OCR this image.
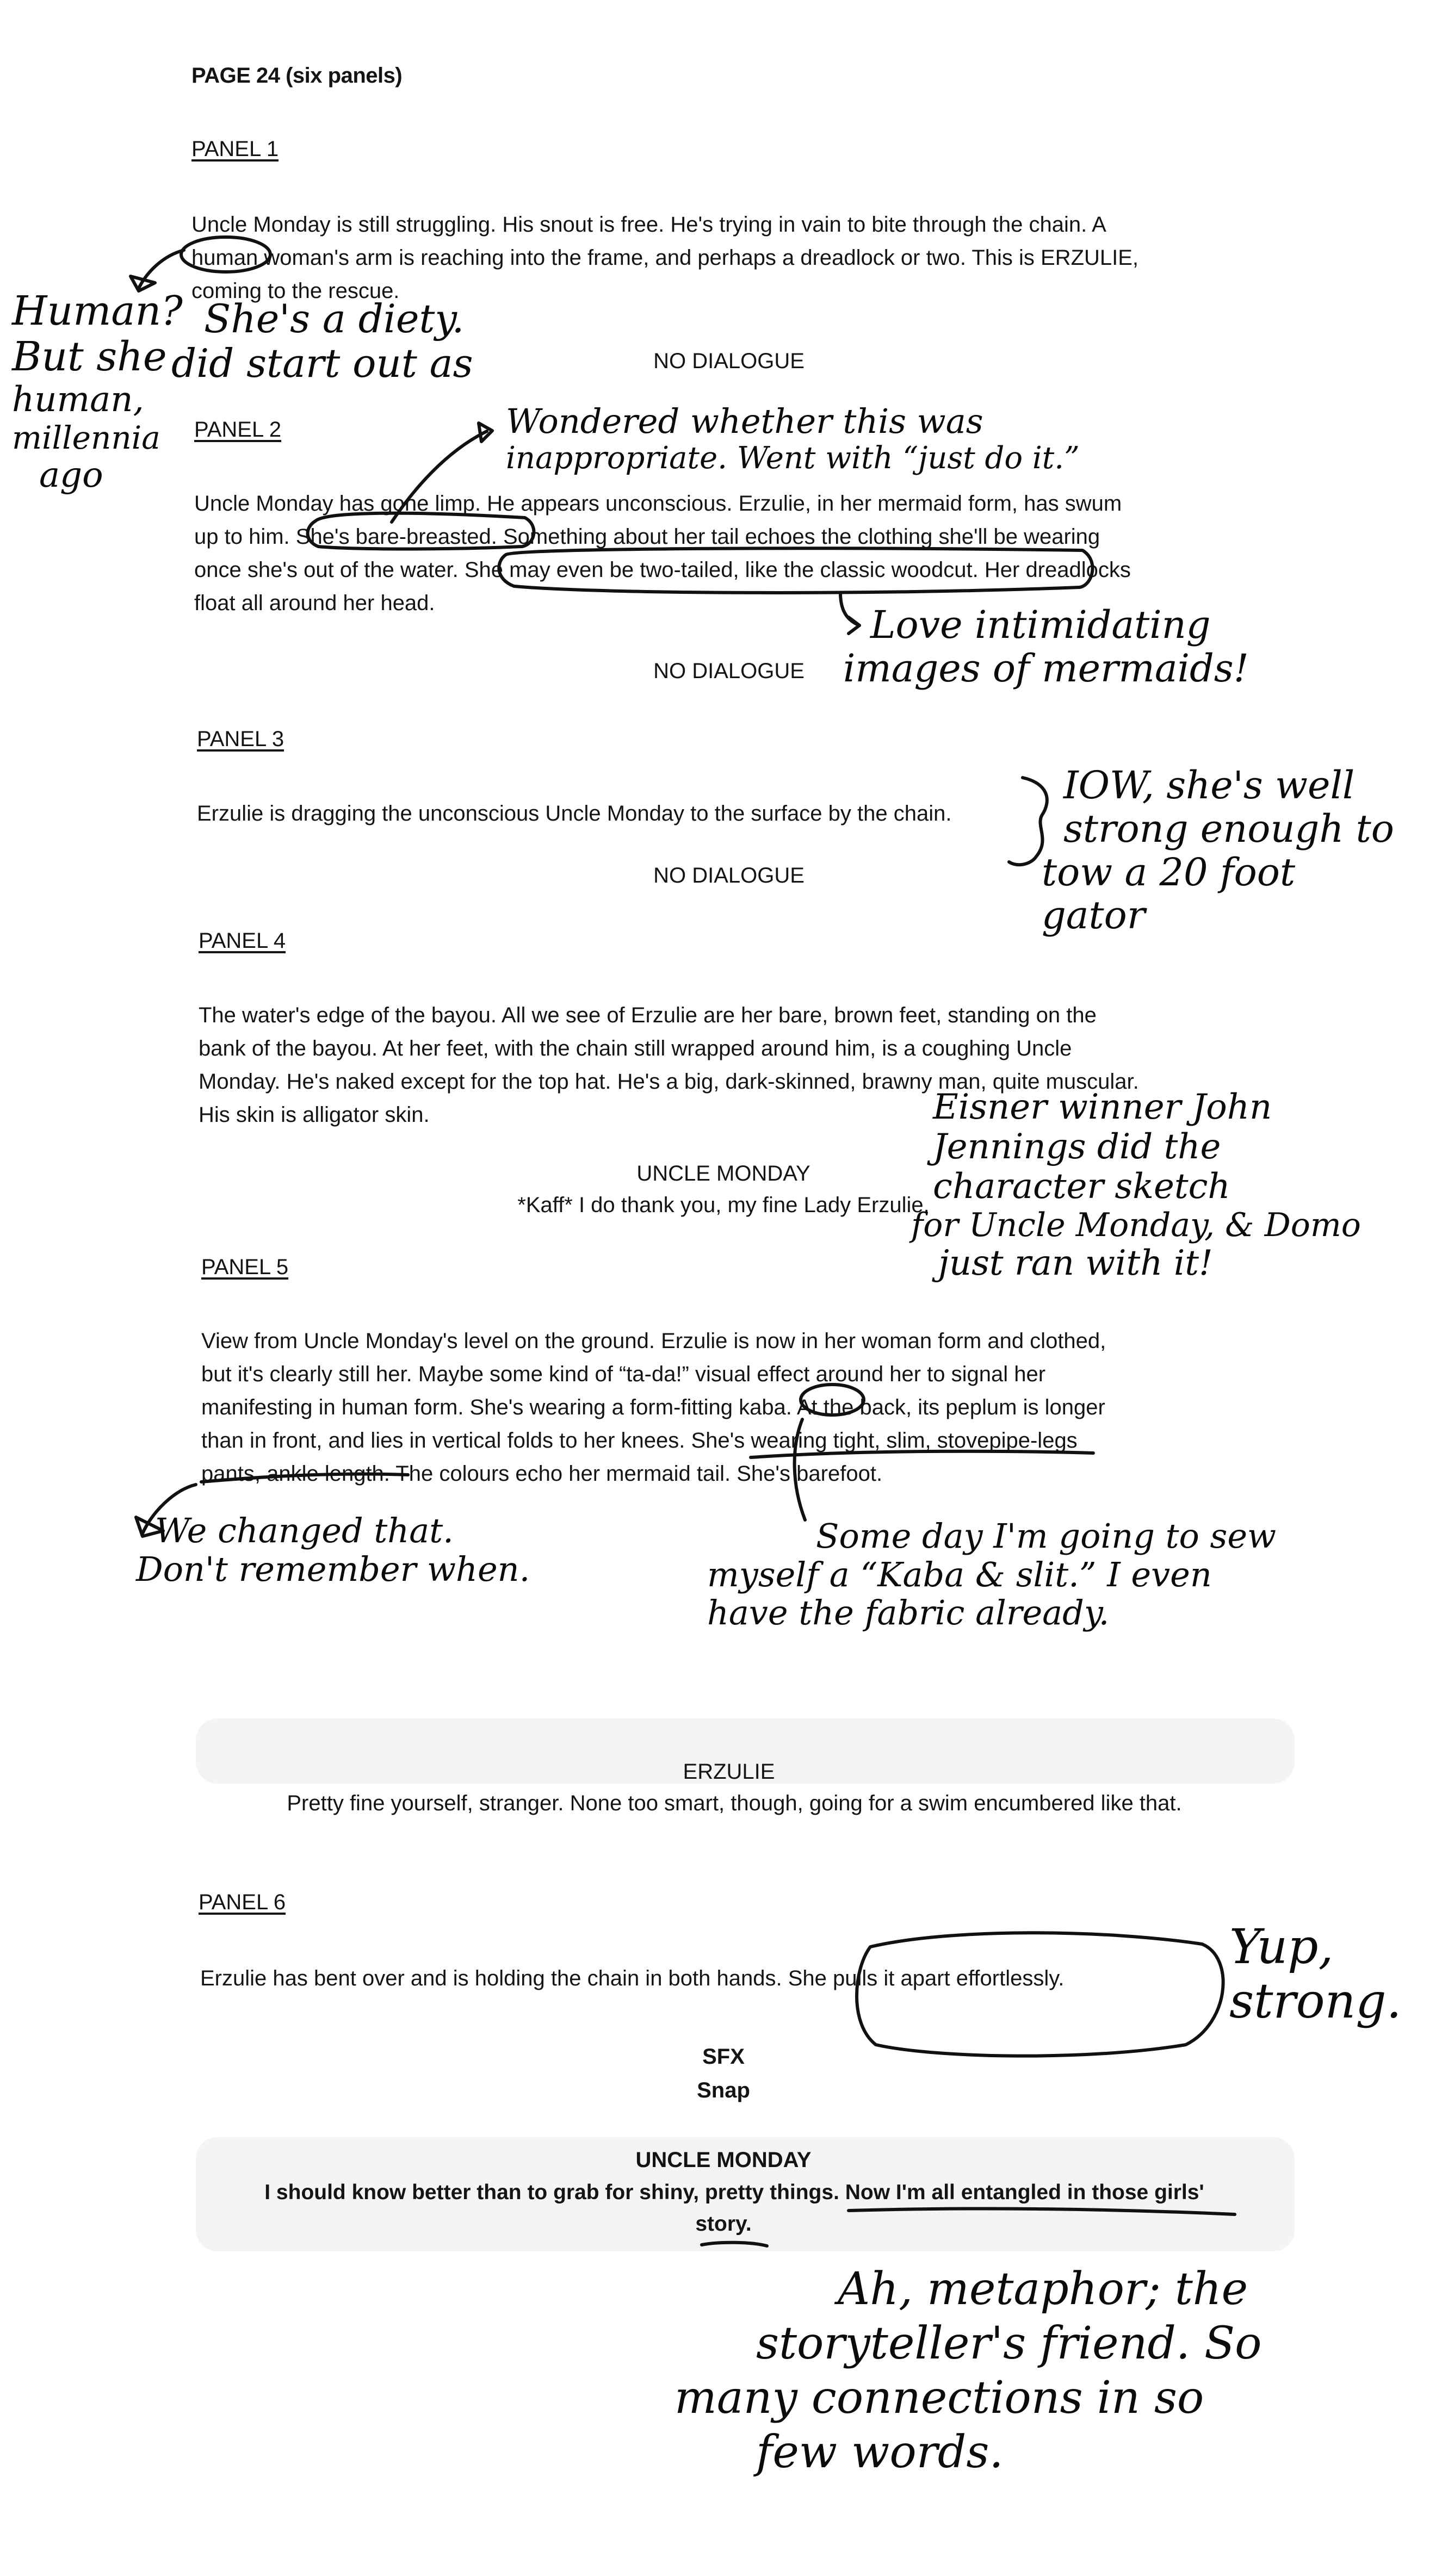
PAGE 24 (six panels)
PANEL 1
Uncle Monday is still struggling. His snout is free. He's trying in vain to bite through the chain. A
human woman's arm is reaching into the frame, and perhaps a dreadlock or two. This is ERZULIE,
coming to the rescue.
NO DIALOGUE
PANEL 2
Uncle Monday has gone limp. He appears unconscious. Erzulie, in her mermaid form, has swum
up to him. She's bare-breasted. Something about her tail echoes the clothing she'll be wearing
once she's out of the water. She may even be two-tailed, like the classic woodcut. Her dreadlocks
float all around her head.
NO DIALOGUE
PANEL 3
Erzulie is dragging the unconscious Uncle Monday to the surface by the chain.
NO DIALOGUE
PANEL 4
The water's edge of the bayou. All we see of Erzulie are her bare, brown feet, standing on the
bank of the bayou. At her feet, with the chain still wrapped around him, is a coughing Uncle
Monday. He's naked except for the top hat. He's a big, dark-skinned, brawny man, quite muscular.
His skin is alligator skin.
UNCLE MONDAY
*Kaff* I do thank you, my fine Lady Erzulie.
PANEL 5
View from Uncle Monday's level on the ground. Erzulie is now in her woman form and clothed,
but it's clearly still her. Maybe some kind of “ta-da!” visual effect around her to signal her
manifesting in human form. She's wearing a form-fitting kaba. At the back, its peplum is longer
than in front, and lies in vertical folds to her knees. She's wearing tight, slim, stovepipe-legs
pants, ankle length. The colours echo her mermaid tail. She's barefoot.
ERZULIE
Pretty fine yourself, stranger. None too smart, though, going for a swim encumbered like that.
PANEL 6
Erzulie has bent over and is holding the chain in both hands. She pulls it apart effortlessly.
SFX
Snap
UNCLE MONDAY
I should know better than to grab for shiny, pretty things. Now I'm all entangled in those girls'
story.
Human?
But she
human,
millennia
ago
She's a diety.
did start out as
Wondered whether this was
inappropriate. Went with “just do it.”
Love intimidating
images of mermaids!
IOW, she's well
strong enough to
tow a 20 foot
gator
Eisner winner John
Jennings did the
character sketch
for Uncle Monday, & Domo
just ran with it!
We changed that.
Don't remember when.
Some day I'm going to sew
myself a “Kaba & slit.” I even
have the fabric already.
Yup,
strong.
Ah, metaphor; the
storyteller's friend. So
many connections in so
few words.
